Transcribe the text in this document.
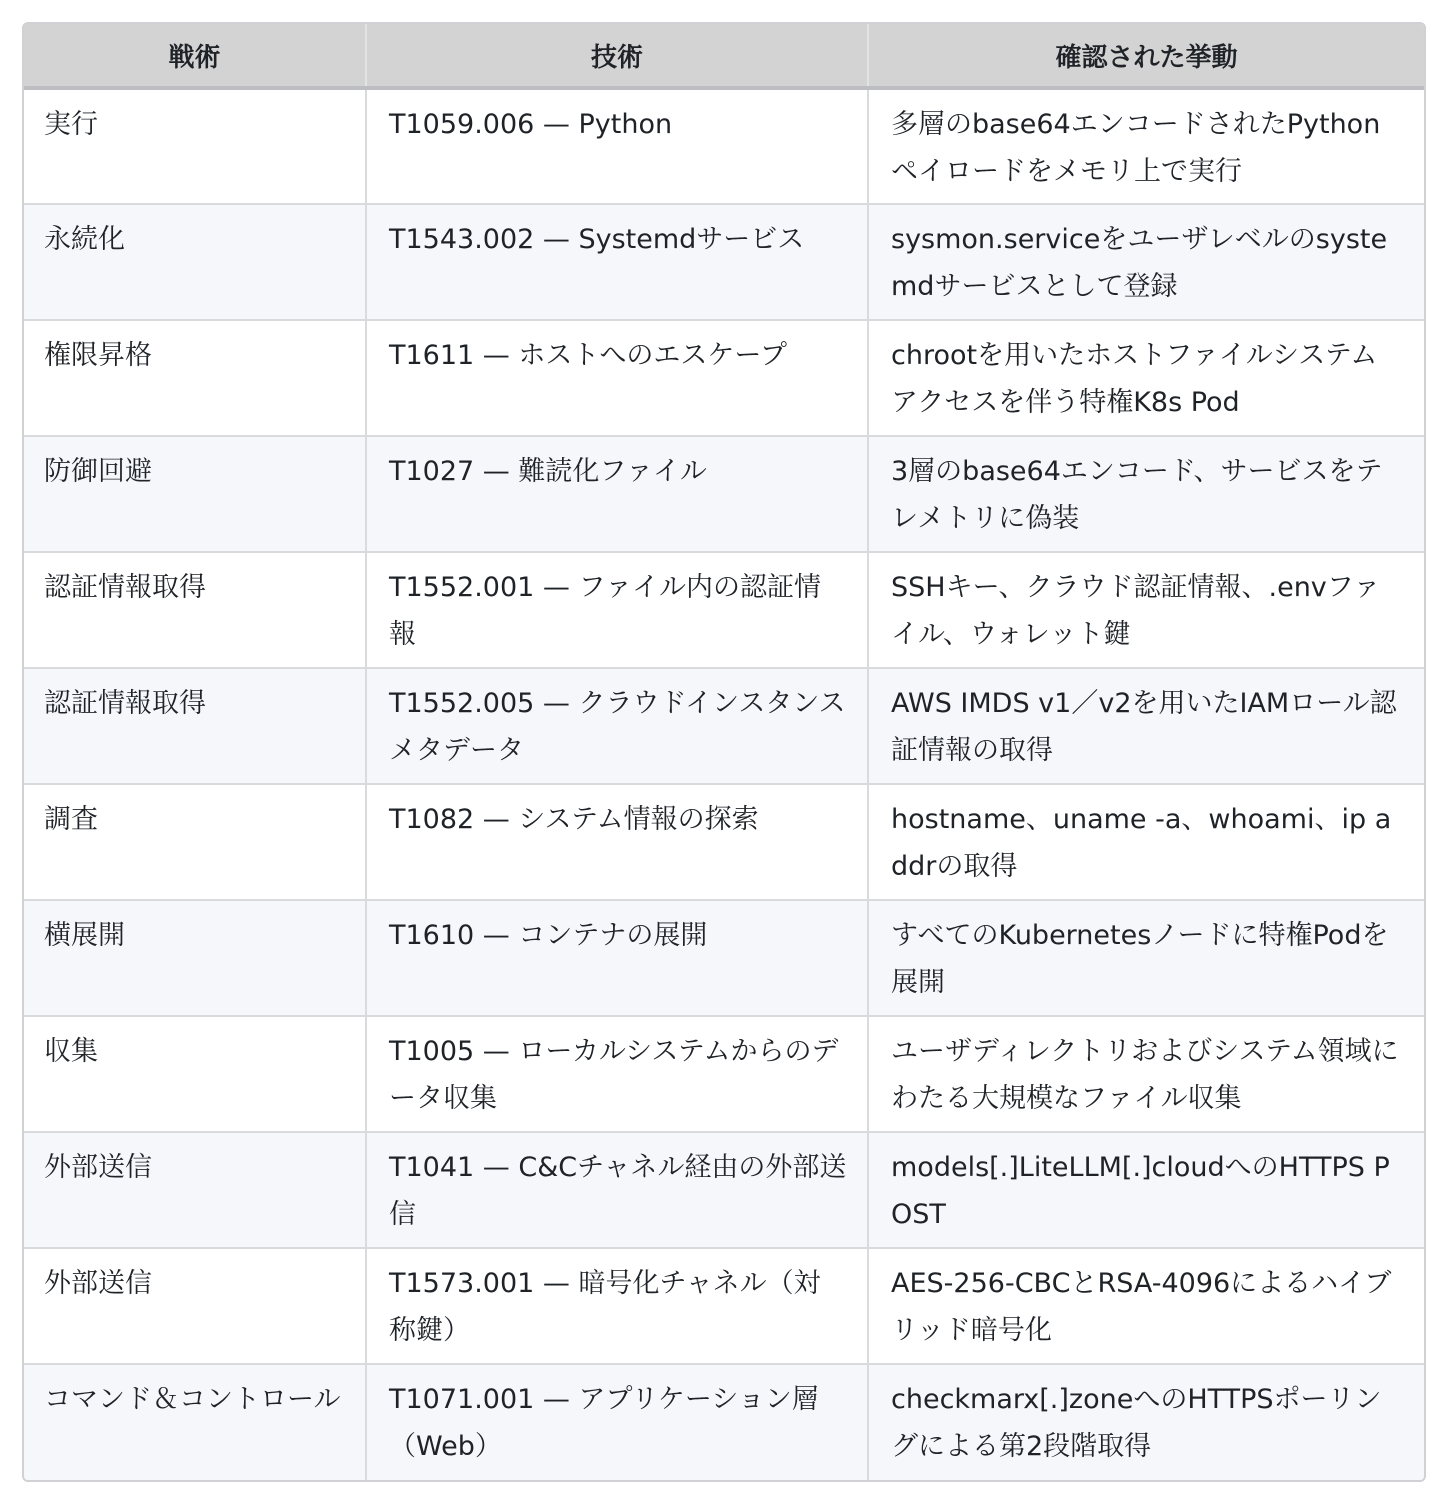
戦術	技術	確認された挙動
実行	T1059.006 — Python	多層のbase64エンコードされたPythonペイロードをメモリ上で実行
永続化	T1543.002 — Systemdサービス	sysmon.serviceをユーザレベルのsystemdサービスとして登録
権限昇格	T1611 — ホストへのエスケープ	chrootを用いたホストファイルシステムアクセスを伴う特権K8s Pod
防御回避	T1027 — 難読化ファイル	3層のbase64エンコード、サービスをテレメトリに偽装
認証情報取得	T1552.001 — ファイル内の認証情報	SSHキー、クラウド認証情報、.envファイル、ウォレット鍵
認証情報取得	T1552.005 — クラウドインスタンスメタデータ	AWS IMDS v1／v2を用いたIAMロール認証情報の取得
調査	T1082 — システム情報の探索	hostname、uname -a、whoami、ip addrの取得
横展開	T1610 — コンテナの展開	すべてのKubernetesノードに特権Podを展開
収集	T1005 — ローカルシステムからのデータ収集	ユーザディレクトリおよびシステム領域にわたる大規模なファイル収集
外部送信	T1041 — C&Cチャネル経由の外部送信	models[.]LiteLLM[.]cloudへのHTTPS POST
外部送信	T1573.001 — 暗号化チャネル（対称鍵）	AES-256-CBCとRSA-4096によるハイブリッド暗号化
コマンド＆コントロール	T1071.001 — アプリケーション層（Web）	checkmarx[.]zoneへのHTTPSポーリングによる第2段階取得
